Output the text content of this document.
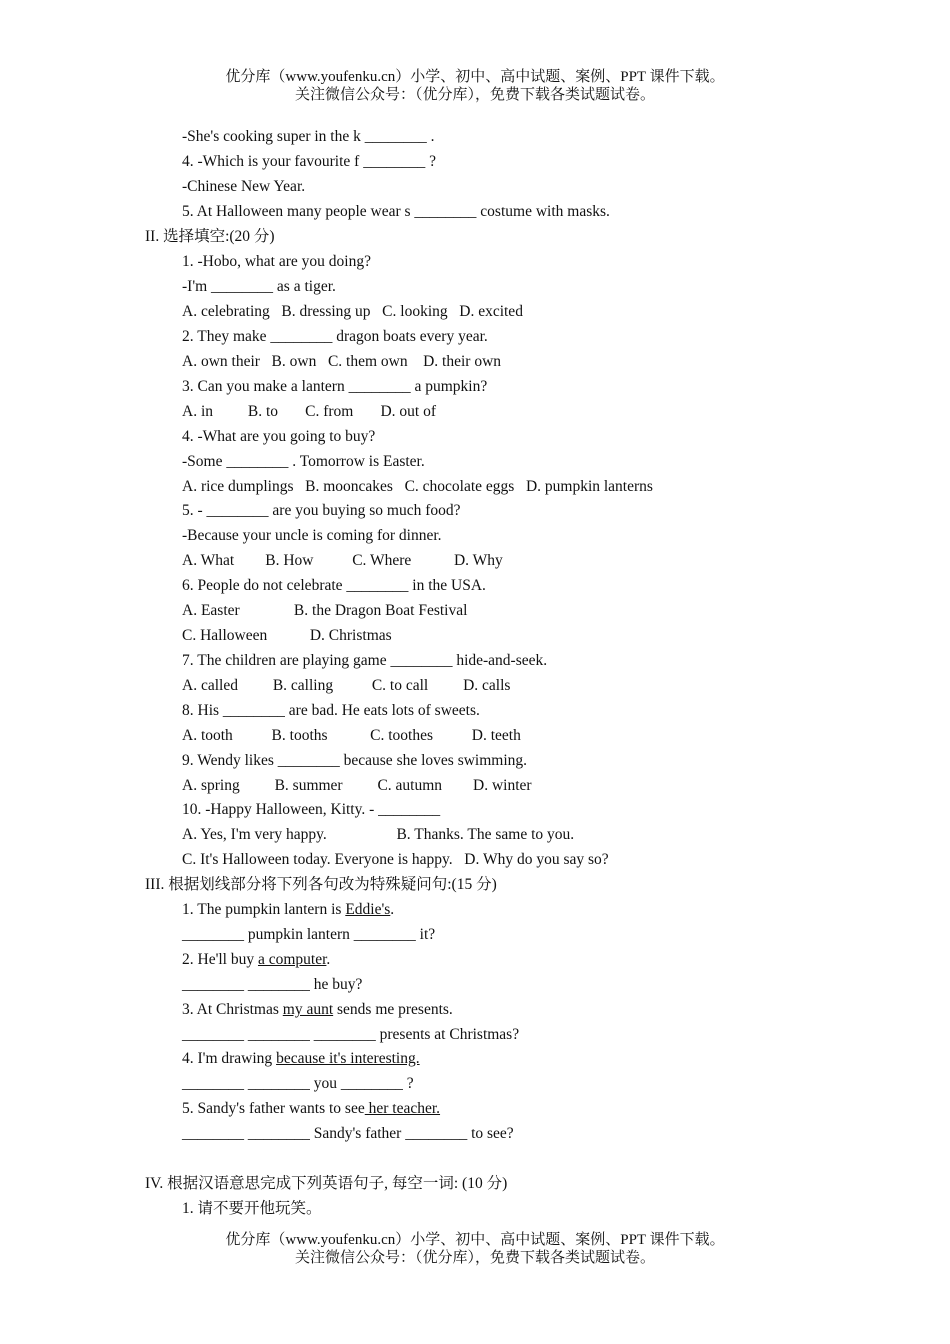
优分库（www.youfenku.cn）小学、初中、高中试题、案例、PPT 课件下载。
关注微信公众号：（优分库），免费下载各类试题试卷。
-She's cooking super in the k ________ .
4. -Which is your favourite f ________ ?
-Chinese New Year.
5. At Halloween many people wear s ________ costume with masks.
II. 选择填空:(20 分)
1. -Hobo, what are you doing?
-I'm ________ as a tiger.
A. celebrating   B. dressing up   C. looking   D. excited
2. They make ________ dragon boats every year.
A. own their   B. own   C. them own    D. their own
3. Can you make a lantern ________ a pumpkin?
A. in         B. to       C. from       D. out of
4. -What are you going to buy?
-Some ________ . Tomorrow is Easter.
A. rice dumplings   B. mooncakes   C. chocolate eggs   D. pumpkin lanterns
5. - ________ are you buying so much food?
-Because your uncle is coming for dinner.
A. What        B. How          C. Where           D. Why
6. People do not celebrate ________ in the USA.
A. Easter              B. the Dragon Boat Festival
C. Halloween           D. Christmas
7. The children are playing game ________ hide-and-seek.
A. called         B. calling          C. to call         D. calls
8. His ________ are bad. He eats lots of sweets.
A. tooth          B. tooths           C. toothes          D. teeth
9. Wendy likes ________ because she loves swimming.
A. spring         B. summer         C. autumn        D. winter
10. -Happy Halloween, Kitty. - ________
A. Yes, I'm very happy.                  B. Thanks. The same to you.
C. It's Halloween today. Everyone is happy.   D. Why do you say so?
III. 根据划线部分将下列各句改为特殊疑问句:(15 分)
1. The pumpkin lantern is Eddie's.
________ pumpkin lantern ________ it?
2. He'll buy a computer.
________ ________ he buy?
3. At Christmas my aunt sends me presents.
________ ________ ________ presents at Christmas?
4. I'm drawing because it's interesting.
________ ________ you ________ ?
5. Sandy's father wants to see her teacher.
________ ________ Sandy's father ________ to see?
IV. 根据汉语意思完成下列英语句子, 每空一词: (10 分)
1. 请不要开他玩笑。
优分库（www.youfenku.cn）小学、初中、高中试题、案例、PPT 课件下载。
关注微信公众号：（优分库），免费下载各类试题试卷。
